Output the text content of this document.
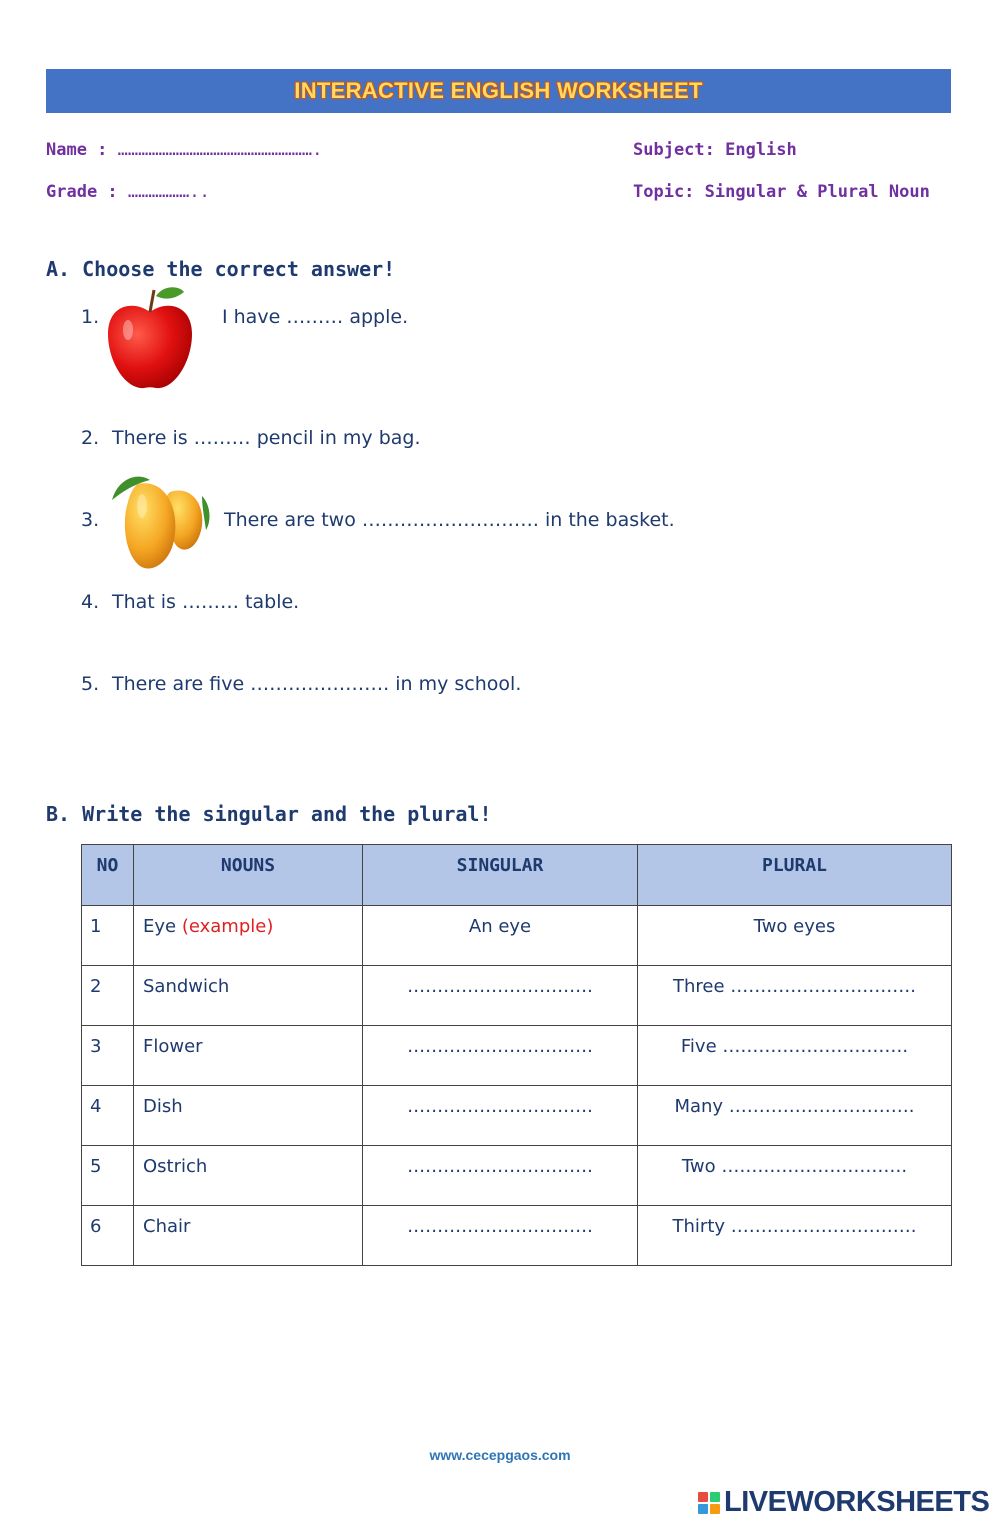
INTERACTIVE ENGLISH WORKSHEET
Name : ………………………………………………….
Grade : ………………..
Subject: English
Topic: Singular & Plural Noun
A. Choose the correct answer!
1.	I have ……… apple.
2. There is ……… pencil in my bag.
3.	There are two ………………………. in the basket.
4. That is ……… table.
5. There are five …………………. in my school.
B. Write the singular and the plural!
NO	NOUNS	SINGULAR	PLURAL
1	Eye (example)	An eye	Two eyes
2	Sandwich	………………………….	Three ………………………….
3	Flower	………………………….	Five ………………………….
4	Dish	………………………….	Many ………………………….
5	Ostrich	………………………….	Two ………………………….
6	Chair	………………………….	Thirty ………………………….
www.cecepgaos.com
LIVEWORKSHEETS
